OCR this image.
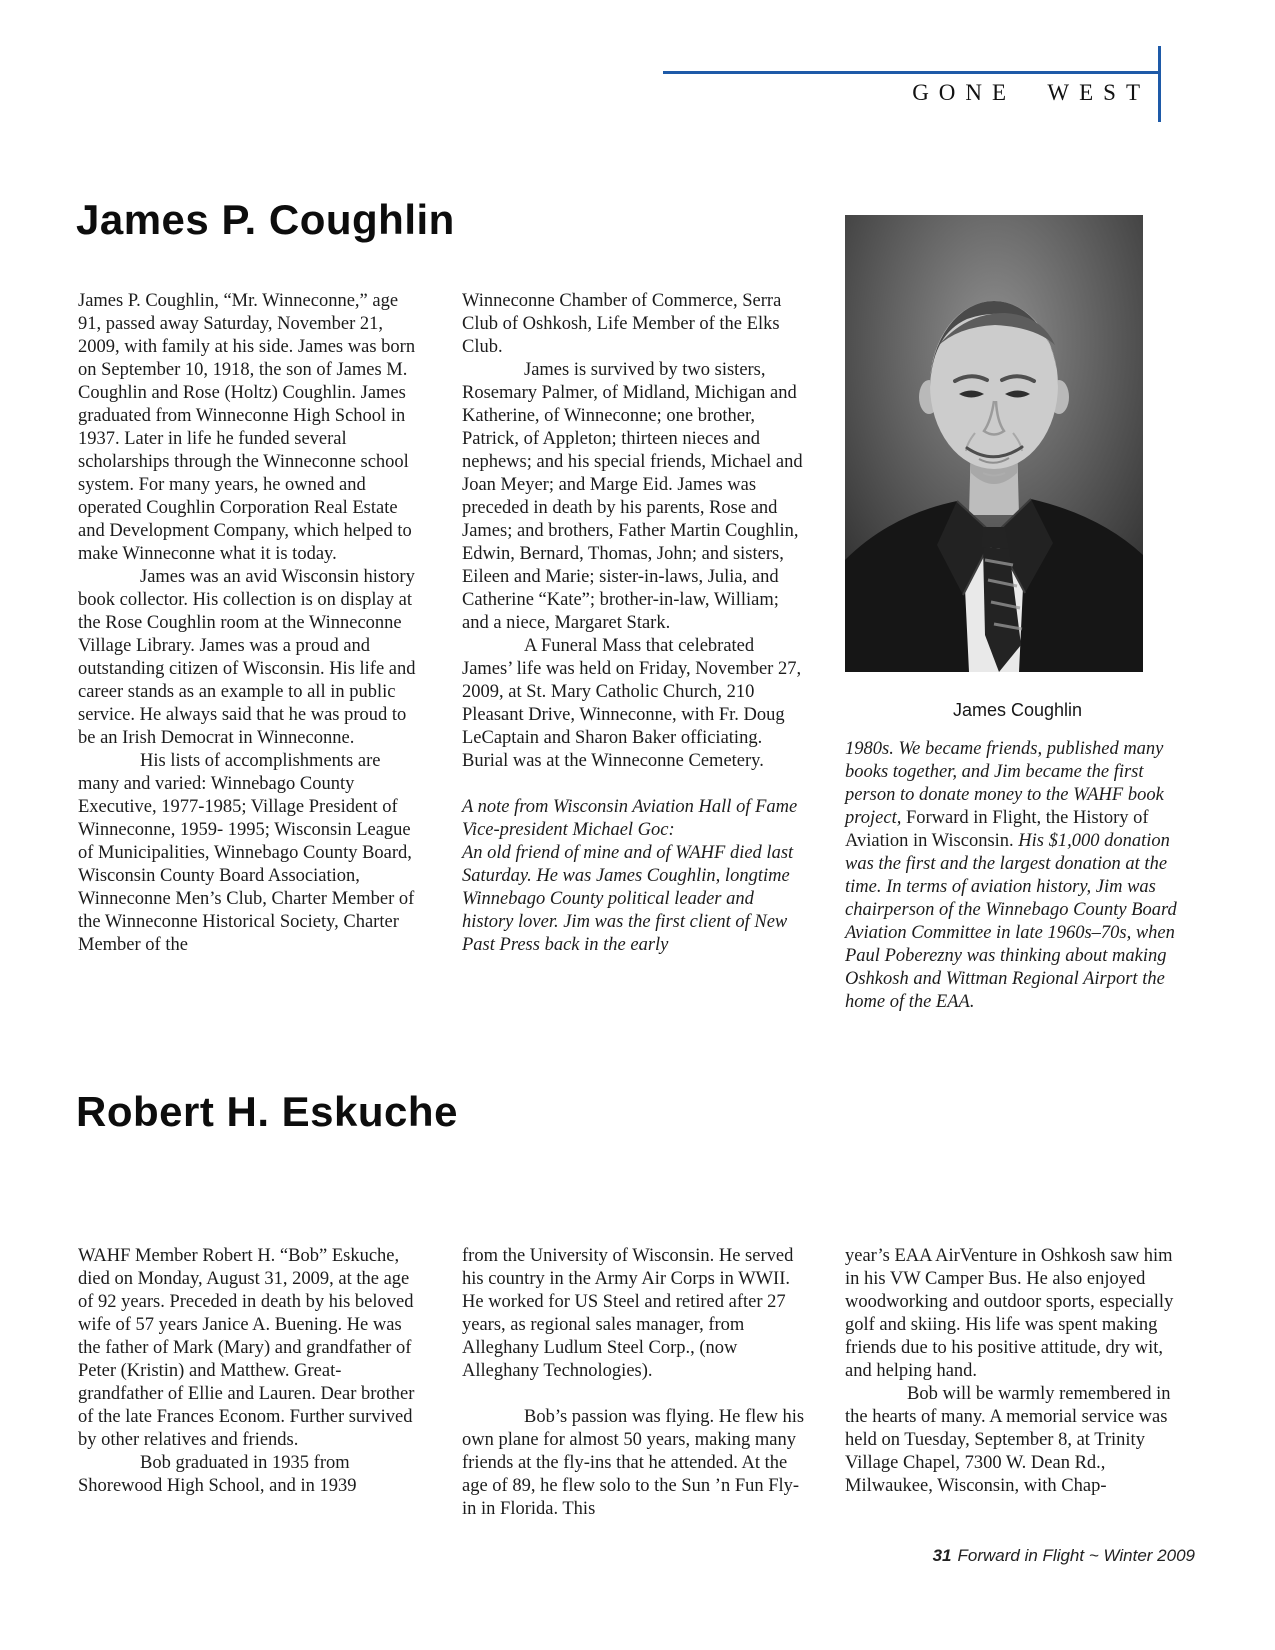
GONE WEST
James P. Coughlin

James P. Coughlin, “Mr. Winneconne,” age 91, passed away Saturday, November 21, 2009, with family at his side. James was born on September 10, 1918, the son of James M. Coughlin and Rose (Holtz) Coughlin. James graduated from Winneconne High School in 1937. Later in life he funded several scholarships through the Winneconne school system. For many years, he owned and operated Coughlin Corporation Real Estate and Development Company, which helped to make Winneconne what it is today.

James was an avid Wisconsin history book collector. His collection is on display at the Rose Coughlin room at the Winneconne Village Library. James was a proud and outstanding citizen of Wisconsin. His life and career stands as an example to all in public service. He always said that he was proud to be an Irish Democrat in Winneconne.

His lists of accomplishments are many and varied: Winnebago County Executive, 1977-1985; Village President of Winneconne, 1959- 1995; Wisconsin League of Municipalities, Winnebago County Board, Wisconsin County Board Association, Winneconne Men’s Club, Charter Member of the Winneconne Historical Society, Charter Member of the

Winneconne Chamber of Commerce, Serra Club of Oshkosh, Life Member of the Elks Club.

James is survived by two sisters, Rosemary Palmer, of Midland, Michigan and Katherine, of Winneconne; one brother, Patrick, of Appleton; thirteen nieces and nephews; and his special friends, Michael and Joan Meyer; and Marge Eid. James was preceded in death by his parents, Rose and James; and brothers, Father Martin Coughlin, Edwin, Bernard, Thomas, John; and sisters, Eileen and Marie; sister-in-laws, Julia, and Catherine “Kate”; brother-in-law, William; and a niece, Margaret Stark.

A Funeral Mass that celebrated James’ life was held on Friday, November 27, 2009, at St. Mary Catholic Church, 210 Pleasant Drive, Winneconne, with Fr. Doug LeCaptain and Sharon Baker officiating. Burial was at the Winneconne Cemetery.

A note from Wisconsin Aviation Hall of Fame Vice-president Michael Goc:

An old friend of mine and of WAHF died last Saturday. He was James Coughlin, longtime Winnebago County political leader and history lover. Jim was the first client of New Past Press back in the early

James Coughlin

1980s. We became friends, published many books together, and Jim became the first person to donate money to the WAHF book project, Forward in Flight, the History of Aviation in Wisconsin. His $1,000 donation was the first and the largest donation at the time. In terms of aviation history, Jim was chairperson of the Winnebago County Board Aviation Committee in late 1960s–70s, when Paul Poberezny was thinking about making Oshkosh and Wittman Regional Airport the home of the EAA.

Robert H. Eskuche

WAHF Member Robert H. “Bob” Eskuche, died on Monday, August 31, 2009, at the age of 92 years. Preceded in death by his beloved wife of 57 years Janice A. Buening. He was the father of Mark (Mary) and grandfather of Peter (Kristin) and Matthew. Great-grandfather of Ellie and Lauren. Dear brother of the late Frances Econom. Further survived by other relatives and friends.

Bob graduated in 1935 from Shorewood High School, and in 1939

from the University of Wisconsin. He served his country in the Army Air Corps in WWII. He worked for US Steel and retired after 27 years, as regional sales manager, from Alleghany Ludlum Steel Corp., (now Alleghany Technologies).

Bob’s passion was flying. He flew his own plane for almost 50 years, making many friends at the fly-ins that he attended. At the age of 89, he flew solo to the Sun ’n Fun Fly-in in Florida. This

year’s EAA AirVenture in Oshkosh saw him in his VW Camper Bus. He also enjoyed woodworking and outdoor sports, especially golf and skiing. His life was spent making friends due to his positive attitude, dry wit, and helping hand.

Bob will be warmly remembered in the hearts of many. A memorial service was held on Tuesday, September 8, at Trinity Village Chapel, 7300 W. Dean Rd., Milwaukee, Wisconsin, with Chap-

31 Forward in Flight ~ Winter 2009
